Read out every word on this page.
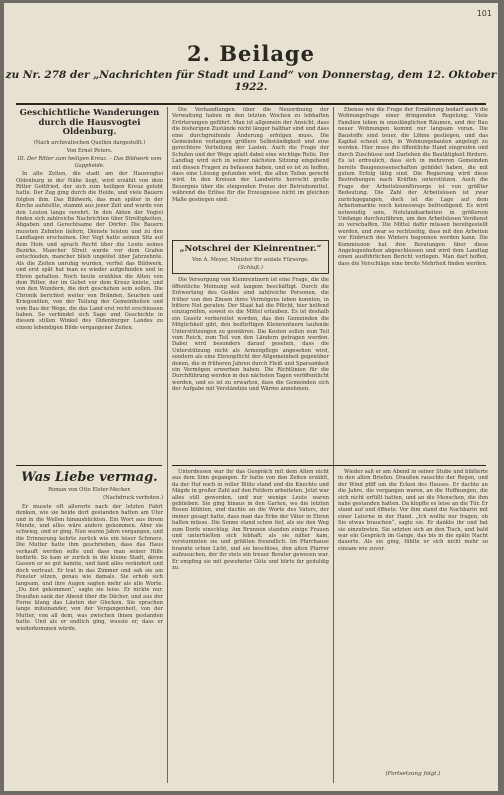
101
2. Beilage
zu Nr. 278 der „Nachrichten für Stadt und Land“ von Donnerstag, dem 12. Oktober 1922.
Geschichtliche Wanderungen durch die Hausvogtei Oldenburg.
(Nach archivalischen Quellen dargestellt.)
Von Ernst Peters.
III. Der Ritter zum heiligen Kreuz. – Das Bildwerk vom Gappheide.

In alte Zeiten, die stadt am der Hausvogtei Oldenburg in der Nähe liegt, wird erzählt von dem Ritter Gottfried, der sich zum heiligen Kreuz gelobt hatte. Der Zug ging durch die Heide, und viele Bauern folgten ihm. Das Bildwerk, das man später in der Kirche aufstellte, stammt aus jener Zeit und wurde von den Leuten lange verehrt. In den Akten der Vogtei finden sich zahlreiche Nachrichten über Streitigkeiten, Abgaben und Gerechtsame der Dörfer. Die Bauern mussten Zehnten liefern, Dienste leisten und zu den Landtagen erscheinen. Der Vogt hatte seinen Sitz auf dem Hofe und sprach Recht über die Leute seines Bezirks. Mancher Streit wurde vor dem Grafen entschieden, mancher blieb ungelöst über Jahrzehnte. Als die Zeiten unruhig wurden, verfiel das Bildwerk, und erst spät hat man es wieder aufgefunden und in Ehren gehalten. Noch heute erzählen die Alten von dem Ritter, der im Gebet vor dem Kreuz kniete, und von den Wundern, die dort geschehen sein sollen. Die Chronik berichtet weiter von Bränden, Seuchen und Kriegsnöten, von der Teilung der Gemeinheiten und vom Bau der Wege, die das Land erst recht erschlossen haben. So verbindet sich Sage und Geschichte in diesem stillen Winkel des Oldenburger Landes zu einem lebendigen Bilde vergangener Zeiten.

Was Liebe vermag.
Roman von Otto Elster-Mecker.
(Nachdruck verboten.)

Er musste oft allerorts nach der letzten Fahrt denken, wie sie beide dort gestanden hatten am Ufer und in die Wellen hinausblickten. Ein Wort aus ihrem Munde, und alles wäre anders gekommen. Aber sie schwieg, und er ging. Nun waren Jahre vergangen, und die Erinnerung kehrte zurück wie ein leiser Schmerz. Die Mutter hatte ihm geschrieben, dass das Haus verkauft werden solle und dass man seiner Hilfe bedürfe. So kam er zurück in die kleine Stadt, deren Gassen er so gut kannte, und fand alles verändert und doch vertraut. Er trat in das Zimmer und sah sie am Fenster sitzen, genau wie damals. Sie erhob sich langsam, und ihre Augen sagten mehr als alle Worte. „Du bist gekommen“, sagte sie leise. Er nickte nur. Draußen sank der Abend über die Dächer, und aus der Ferne klang das Läuten der Glocken. Sie sprachen lange miteinander, von der Vergangenheit, von der Mutter, von all dem, was zwischen ihnen gestanden hatte. Und als er endlich ging, wusste er, dass er wiederkommen würde.

Die Verhandlungen über die Neuordnung der Verwaltung haben in den letzten Wochen zu lebhaften Erörterungen geführt. Man ist allgemein der Ansicht, dass die bisherigen Zustände nicht länger haltbar sind und dass eine durchgreifende Änderung erfolgen muss. Die Gemeinden verlangen größere Selbständigkeit und eine gerechtere Verteilung der Lasten. Auch die Frage der Schulen und der Wege spielt dabei eine wichtige Rolle. Der Landtag wird sich in seiner nächsten Sitzung eingehend mit diesen Fragen zu befassen haben, und es ist zu hoffen, dass eine Lösung gefunden wird, die allen Teilen gerecht wird. In den Kreisen der Landwirte herrscht große Besorgnis über die steigenden Preise der Betriebsmittel, während die Erlöse für die Erzeugnisse nicht im gleichen Maße gestiegen sind.

„Notschrei der Kleinrentner.“
Von A. Meyer, Minister für soziale Fürsorge.
(Schluß.)

Die Versorgung von Kleinrentnern ist eine Frage, die die öffentliche Meinung seit langem beschäftigt. Durch die Entwertung des Geldes sind zahlreiche Personen, die früher von den Zinsen ihres Vermögens leben konnten, in bittere Not geraten. Der Staat hat die Pflicht, hier helfend einzugreifen, soweit es die Mittel erlauben. Es ist deshalb ein Gesetz vorbereitet worden, das den Gemeinden die Möglichkeit gibt, den bedürftigen Kleinrentnern laufende Unterstützungen zu gewähren. Die Kosten sollen zum Teil vom Reich, zum Teil von den Ländern getragen werden. Dabei wird besonders darauf gesehen, dass die Unterstützung nicht als Armenpflege angesehen wird, sondern als eine Ehrenpflicht der Allgemeinheit gegenüber denen, die in früheren Jahren durch Fleiß und Sparsamkeit ein Vermögen erworben haben. Die Richtlinien für die Durchführung werden in den nächsten Tagen veröffentlicht werden, und es ist zu erwarten, dass die Gemeinden sich der Aufgabe mit Verständnis und Wärme annehmen.

Ebenso wie die Frage der Ernährung bedarf auch die Wohnungsfrage einer dringenden Regelung. Viele Familien leben in unzulänglichen Räumen, und der Bau neuer Wohnungen kommt nur langsam voran. Die Baustoffe sind teuer, die Löhne gestiegen, und das Kapital scheut sich, in Wohnungsbauten angelegt zu werden. Hier muss die öffentliche Hand eingreifen und durch Zuschüsse und Darlehen die Bautätigkeit fördern. Es ist erfreulich, dass sich in mehreren Gemeinden bereits Baugenossenschaften gebildet haben, die mit gutem Erfolg tätig sind. Die Regierung wird diese Bestrebungen nach Kräften unterstützen. Auch die Frage der Arbeitslosenfürsorge ist von größter Bedeutung. Die Zahl der Arbeitslosen ist zwar zurückgegangen, doch ist die Lage auf dem Arbeitsmarkte noch keineswegs befriedigend. Es wird notwendig sein, Notstandsarbeiten in größerem Umfange durchzuführen, um den Arbeitslosen Verdienst zu verschaffen. Die Mittel dafür müssen bereitgestellt werden, und zwar so rechtzeitig, dass mit den Arbeiten vor Einbruch des Winters begonnen werden kann. Die Kommission hat ihre Beratungen über diese Angelegenheiten abgeschlossen und wird dem Landtag einen ausführlichen Bericht vorlegen. Man darf hoffen, dass die Vorschläge eine breite Mehrheit finden werden.

Unterdessen war ihr das Gespräch mit dem Alten nicht aus dem Sinn gegangen. Er hatte von den Zeiten erzählt, da der Hof noch in voller Blüte stand und die Knechte und Mägde in großer Zahl auf den Feldern arbeiteten. Jetzt war alles still geworden, und nur wenige Leute waren geblieben. Sie ging hinaus in den Garten, wo die letzten Rosen blühten, und dachte an die Worte des Vaters, der immer gesagt hatte, dass man das Erbe der Väter in Ehren halten müsse. Die Sonne stand schon tief, als sie den Weg zum Dorfe einschlug. Am Brunnen standen einige Frauen und unterhielten sich lebhaft; als sie näher kam, verstummten sie und grüßten freundlich. Im Pfarrhause brannte schon Licht, und sie beschloss, den alten Pfarrer aufzusuchen, der ihr stets ein treuer Berater gewesen war. Er empfing sie mit gewohnter Güte und hörte ihr geduldig zu.

Wieder saß er am Abend in seiner Stube und blätterte in den alten Briefen. Draußen rauschte der Regen, und der Wind pfiff um die Ecken des Hauses. Er dachte an die Jahre, die vergangen waren, an die Hoffnungen, die sich nicht erfüllt hatten, und an die Menschen, die ihm nahe gestanden hatten. Da klopfte es leise an die Tür. Er stand auf und öffnete. Vor ihm stand die Nachbarin mit einer Laterne in der Hand. „Ich wollte nur fragen, ob Sie etwas brauchen“, sagte sie. Er dankte ihr und bat sie einzutreten. Sie setzten sich an den Tisch, und bald war ein Gespräch im Gange, das bis in die späte Nacht dauerte. Als sie ging, fühlte er sich nicht mehr so einsam wie zuvor.

(Fortsetzung folgt.)
